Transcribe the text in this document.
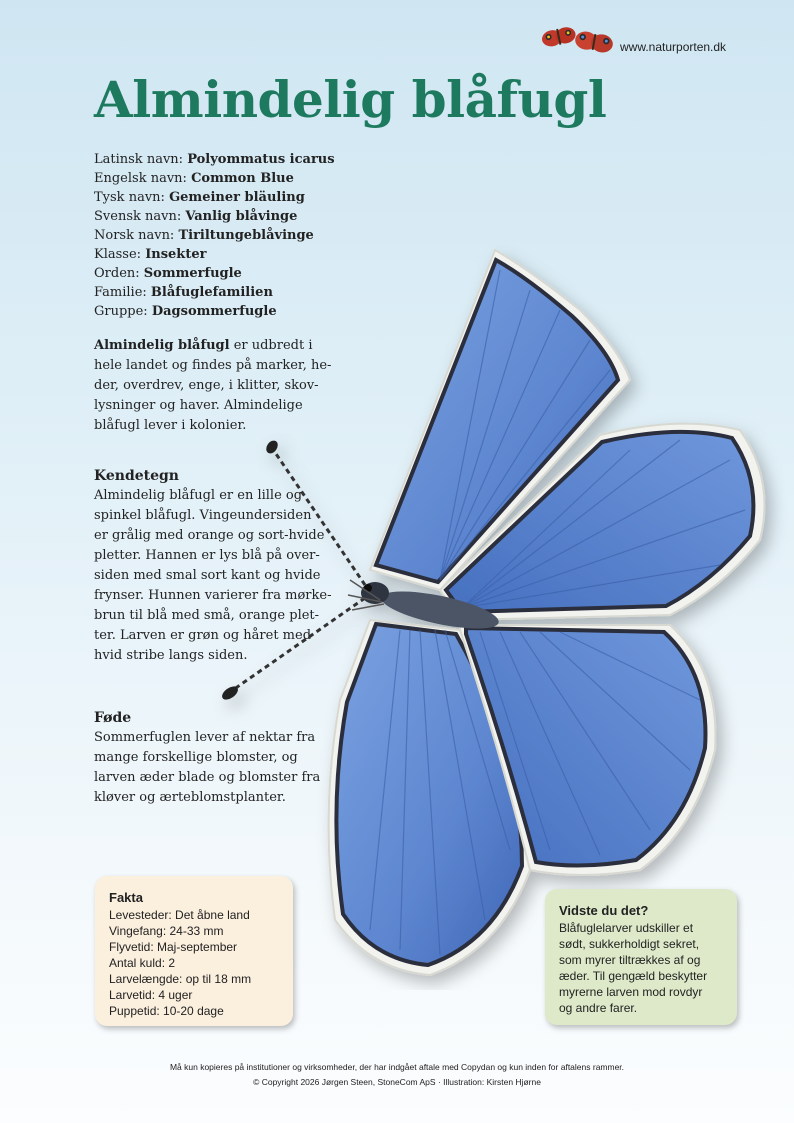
www.naturporten.dk
Almindelig blåfugl
Latinsk navn: Polyommatus icarus
Engelsk navn: Common Blue
Tysk navn: Gemeiner bläuling
Svensk navn: Vanlig blåvinge
Norsk navn: Tiriltungeblåvinge
Klasse: Insekter
Orden: Sommerfugle
Familie: Blåfuglefamilien
Gruppe: Dagsommerfugle
Almindelig blåfugl er udbredt i
hele landet og findes på marker, he-
der, overdrev, enge, i klitter, skov-
lysninger og haver. Almindelige
blåfugl lever i kolonier.
Kendetegn

Almindelig blåfugl er en lille og
spinkel blåfugl. Vingeundersiden
er grålig med orange og sort-hvide
pletter. Hannen er lys blå på over-
siden med smal sort kant og hvide
frynser. Hunnen varierer fra mørke-
brun til blå med små, orange plet-
ter. Larven er grøn og håret med
hvid stribe langs siden.

Føde

Sommerfuglen lever af nektar fra
mange forskellige blomster, og
larven æder blade og blomster fra
kløver og ærteblomstplanter.

Fakta
Levesteder: Det åbne land
Vingefang: 24-33 mm
Flyvetid: Maj-september
Antal kuld: 2
Larvelængde: op til 18 mm
Larvetid: 4 uger
Puppetid: 10-20 dage
Vidste du det?
Blåfuglelarver udskiller et
sødt, sukkerholdigt sekret,
som myrer tiltrækkes af og
æder. Til gengæld beskytter
myrerne larven mod rovdyr
og andre farer.
Må kun kopieres på institutioner og virksomheder, der har indgået aftale med Copydan og kun inden for aftalens rammer.
© Copyright 2026 Jørgen Steen, StoneCom ApS · Illustration: Kirsten Hjørne
